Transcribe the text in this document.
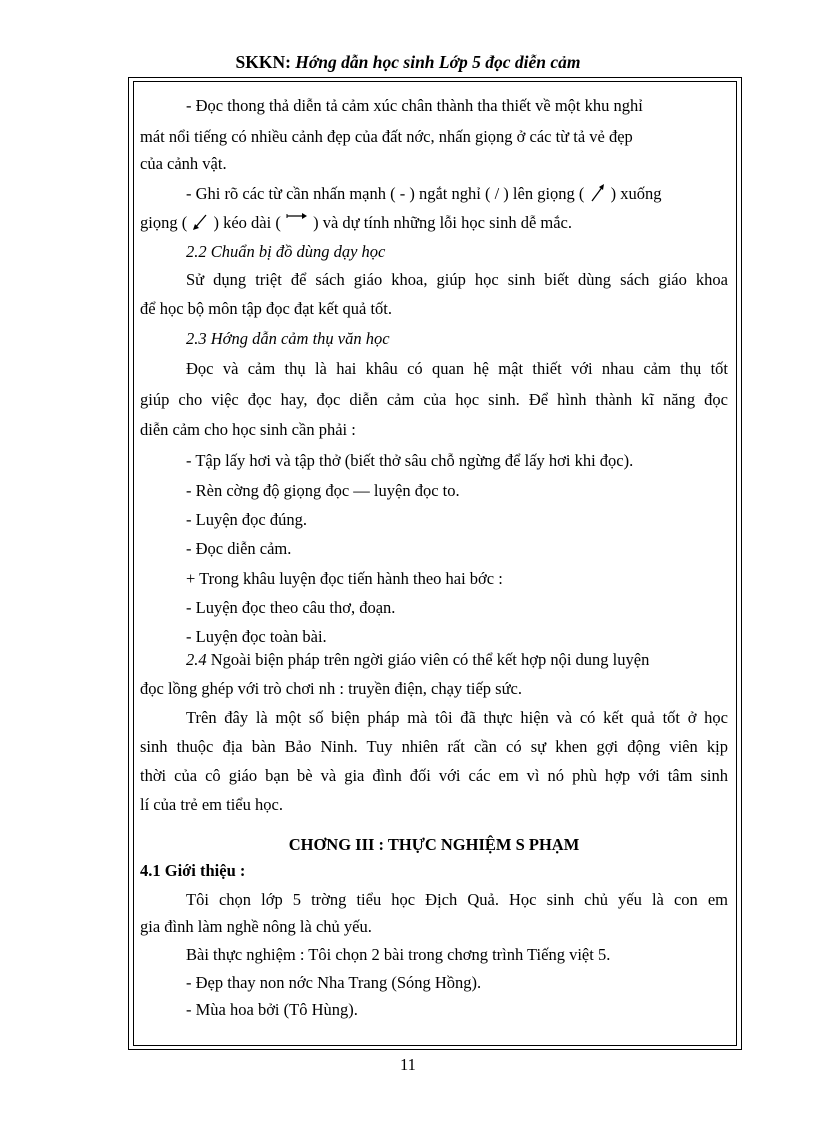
SKKN: Hớng dẫn học sinh Lớp 5 đọc diễn cảm
- Đọc thong thả diễn tả cảm xúc chân thành tha thiết về một khu nghỉ
mát nổi tiếng có nhiều cảnh đẹp của đất nớc, nhấn giọng ở các từ tả vẻ đẹp
của cảnh vật.
- Ghi rõ các từ cần nhấn mạnh ( - ) ngắt nghỉ ( / ) lên giọng ( ) xuống
giọng ( ) kéo dài ( ) và dự tính những lỗi học sinh dễ mắc.
2.2 Chuẩn bị đồ dùng dạy học
Sử dụng triệt để sách giáo khoa, giúp học sinh biết dùng sách giáo khoa
để học bộ môn tập đọc đạt kết quả tốt.
2.3 Hớng dẫn cảm thụ văn học
Đọc và cảm thụ là hai khâu có quan hệ mật thiết với nhau cảm thụ tốt
giúp cho việc đọc hay, đọc diễn cảm của học sinh. Để hình thành kĩ năng đọc
diễn cảm cho học sinh cần phải :
- Tập lấy hơi và tập thở (biết thở sâu chỗ ngừng để lấy hơi khi đọc).
- Rèn cờng độ giọng đọc — luyện đọc to.
- Luyện đọc đúng.
- Đọc diễn cảm.
+ Trong khâu luyện đọc tiến hành theo hai bớc :
- Luyện đọc theo câu thơ, đoạn.
- Luyện đọc toàn bài.
2.4 Ngoài biện pháp trên ngời giáo viên có thể kết hợp nội dung luyện
đọc lồng ghép với trò chơi nh : truyền điện, chạy tiếp sức.
Trên đây là một số biện pháp mà tôi đã thực hiện và có kết quả tốt ở học
sinh thuộc địa bàn Bảo Ninh. Tuy nhiên rất cần có sự khen gợi động viên kịp
thời của cô giáo bạn bè và gia đình đối với các em vì nó phù hợp với tâm sinh
lí của trẻ em tiểu học.
CHƠNG III : THỰC NGHIỆM S PHẠM
4.1 Giới thiệu :
Tôi chọn lớp 5 trờng tiểu học Địch Quả. Học sinh chủ yếu là con em
gia đình làm nghề nông là chủ yếu.
Bài thực nghiệm : Tôi chọn 2 bài trong chơng trình Tiếng việt 5.
- Đẹp thay non nớc Nha Trang (Sóng Hồng).
- Mùa hoa bởi (Tô Hùng).
11
